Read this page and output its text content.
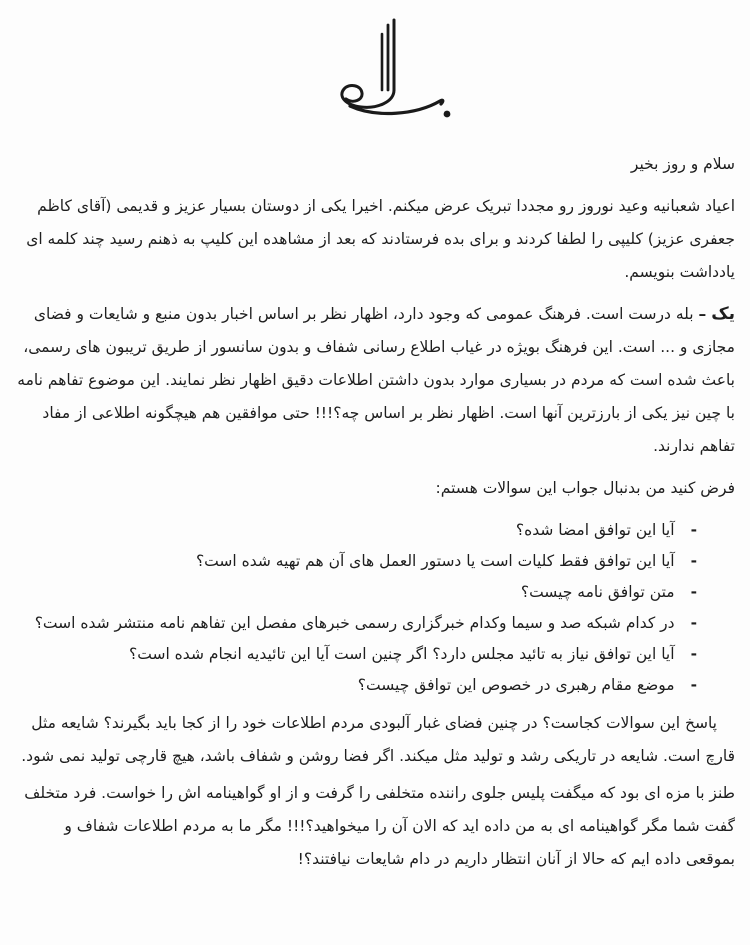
سلام و روز بخیر

اعیاد شعبانیه وعید نوروز رو مجددا تبریک عرض میکنم. اخیرا یکی از دوستان بسیار عزیز و قدیمی (آقای کاظم جعفری عزیز) کلیپی را لطفا کردند و برای بده فرستادند که بعد از مشاهده این کلیپ به ذهنم رسید چند کلمه ای یادداشت بنویسم.

یک – بله درست است. فرهنگ عمومی که وجود دارد، اظهار نظر بر اساس اخبار بدون منبع و شایعات و فضای مجازی و ... است. این فرهنگ بویژه در غیاب اطلاع رسانی شفاف و بدون سانسور از طریق تریبون های رسمی، باعث شده است که مردم در بسیاری موارد بدون داشتن اطلاعات دقیق اظهار نظر نمایند. این موضوع تفاهم نامه با چین نیز یکی از بارزترین آنها است. اظهار نظر بر اساس چه؟!!! حتی موافقین هم هیچگونه اطلاعی از مفاد تفاهم ندارند.

فرض کنید من بدنبال جواب این سوالات هستم:

-آیا این توافق امضا شده؟
-آیا این توافق فقط کلیات است یا دستور العمل های آن هم تهیه شده است؟
-متن توافق نامه چیست؟
-در کدام شبکه صد و سیما وکدام خبرگزاری رسمی خبرهای مفصل این تفاهم نامه منتشر شده است؟
-آیا این توافق نیاز به تائید مجلس دارد؟ اگر چنین است آیا این تائیدیه انجام شده است؟
-موضع مقام رهبری در خصوص این توافق چیست؟

پاسخ این سوالات کجاست؟ در چنین فضای غبار آلبودی مردم اطلاعات خود را از کجا باید بگیرند؟ شایعه مثل قارچ است. شایعه در تاریکی رشد و تولید مثل میکند. اگر فضا روشن و شفاف باشد، هیچ قارچی تولید نمی شود.

طنز با مزه ای بود که میگفت پلیس جلوی راننده متخلفی را گرفت و از او گواهینامه اش را خواست. فرد متخلف گفت شما مگر گواهینامه ای به من داده اید که الان آن را میخواهید؟!!! مگر ما به مردم اطلاعات شفاف و بموقعی داده ایم که حالا از آنان انتظار داریم در دام شایعات نیافتند؟!
